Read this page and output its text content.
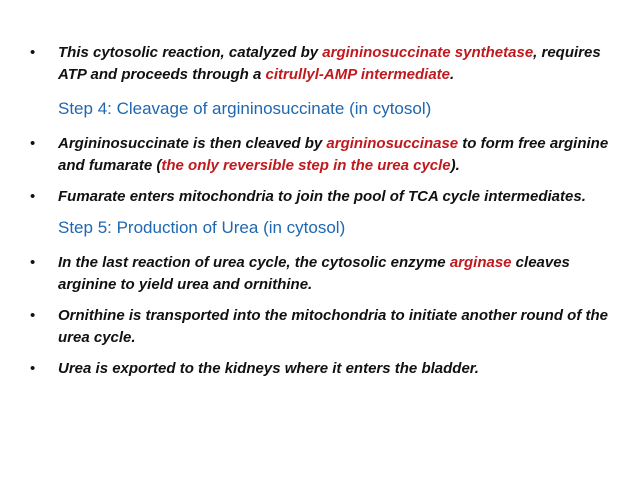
• This cytosolic reaction, catalyzed by argininosuccinate synthetase, requires ATP and proceeds through a citrullyl-AMP intermediate.
Step 4: Cleavage of argininosuccinate (in cytosol)
• Argininosuccinate is then cleaved by argininosuccinase to form free arginine and fumarate (the only reversible step in the urea cycle).
• Fumarate enters mitochondria to join the pool of TCA cycle intermediates.
Step 5: Production of Urea (in cytosol)
• In the last reaction of urea cycle, the cytosolic enzyme arginase cleaves arginine to yield urea and ornithine.
• Ornithine is transported into the mitochondria to initiate another round of the urea cycle.
• Urea is exported to the kidneys where it enters the bladder.
